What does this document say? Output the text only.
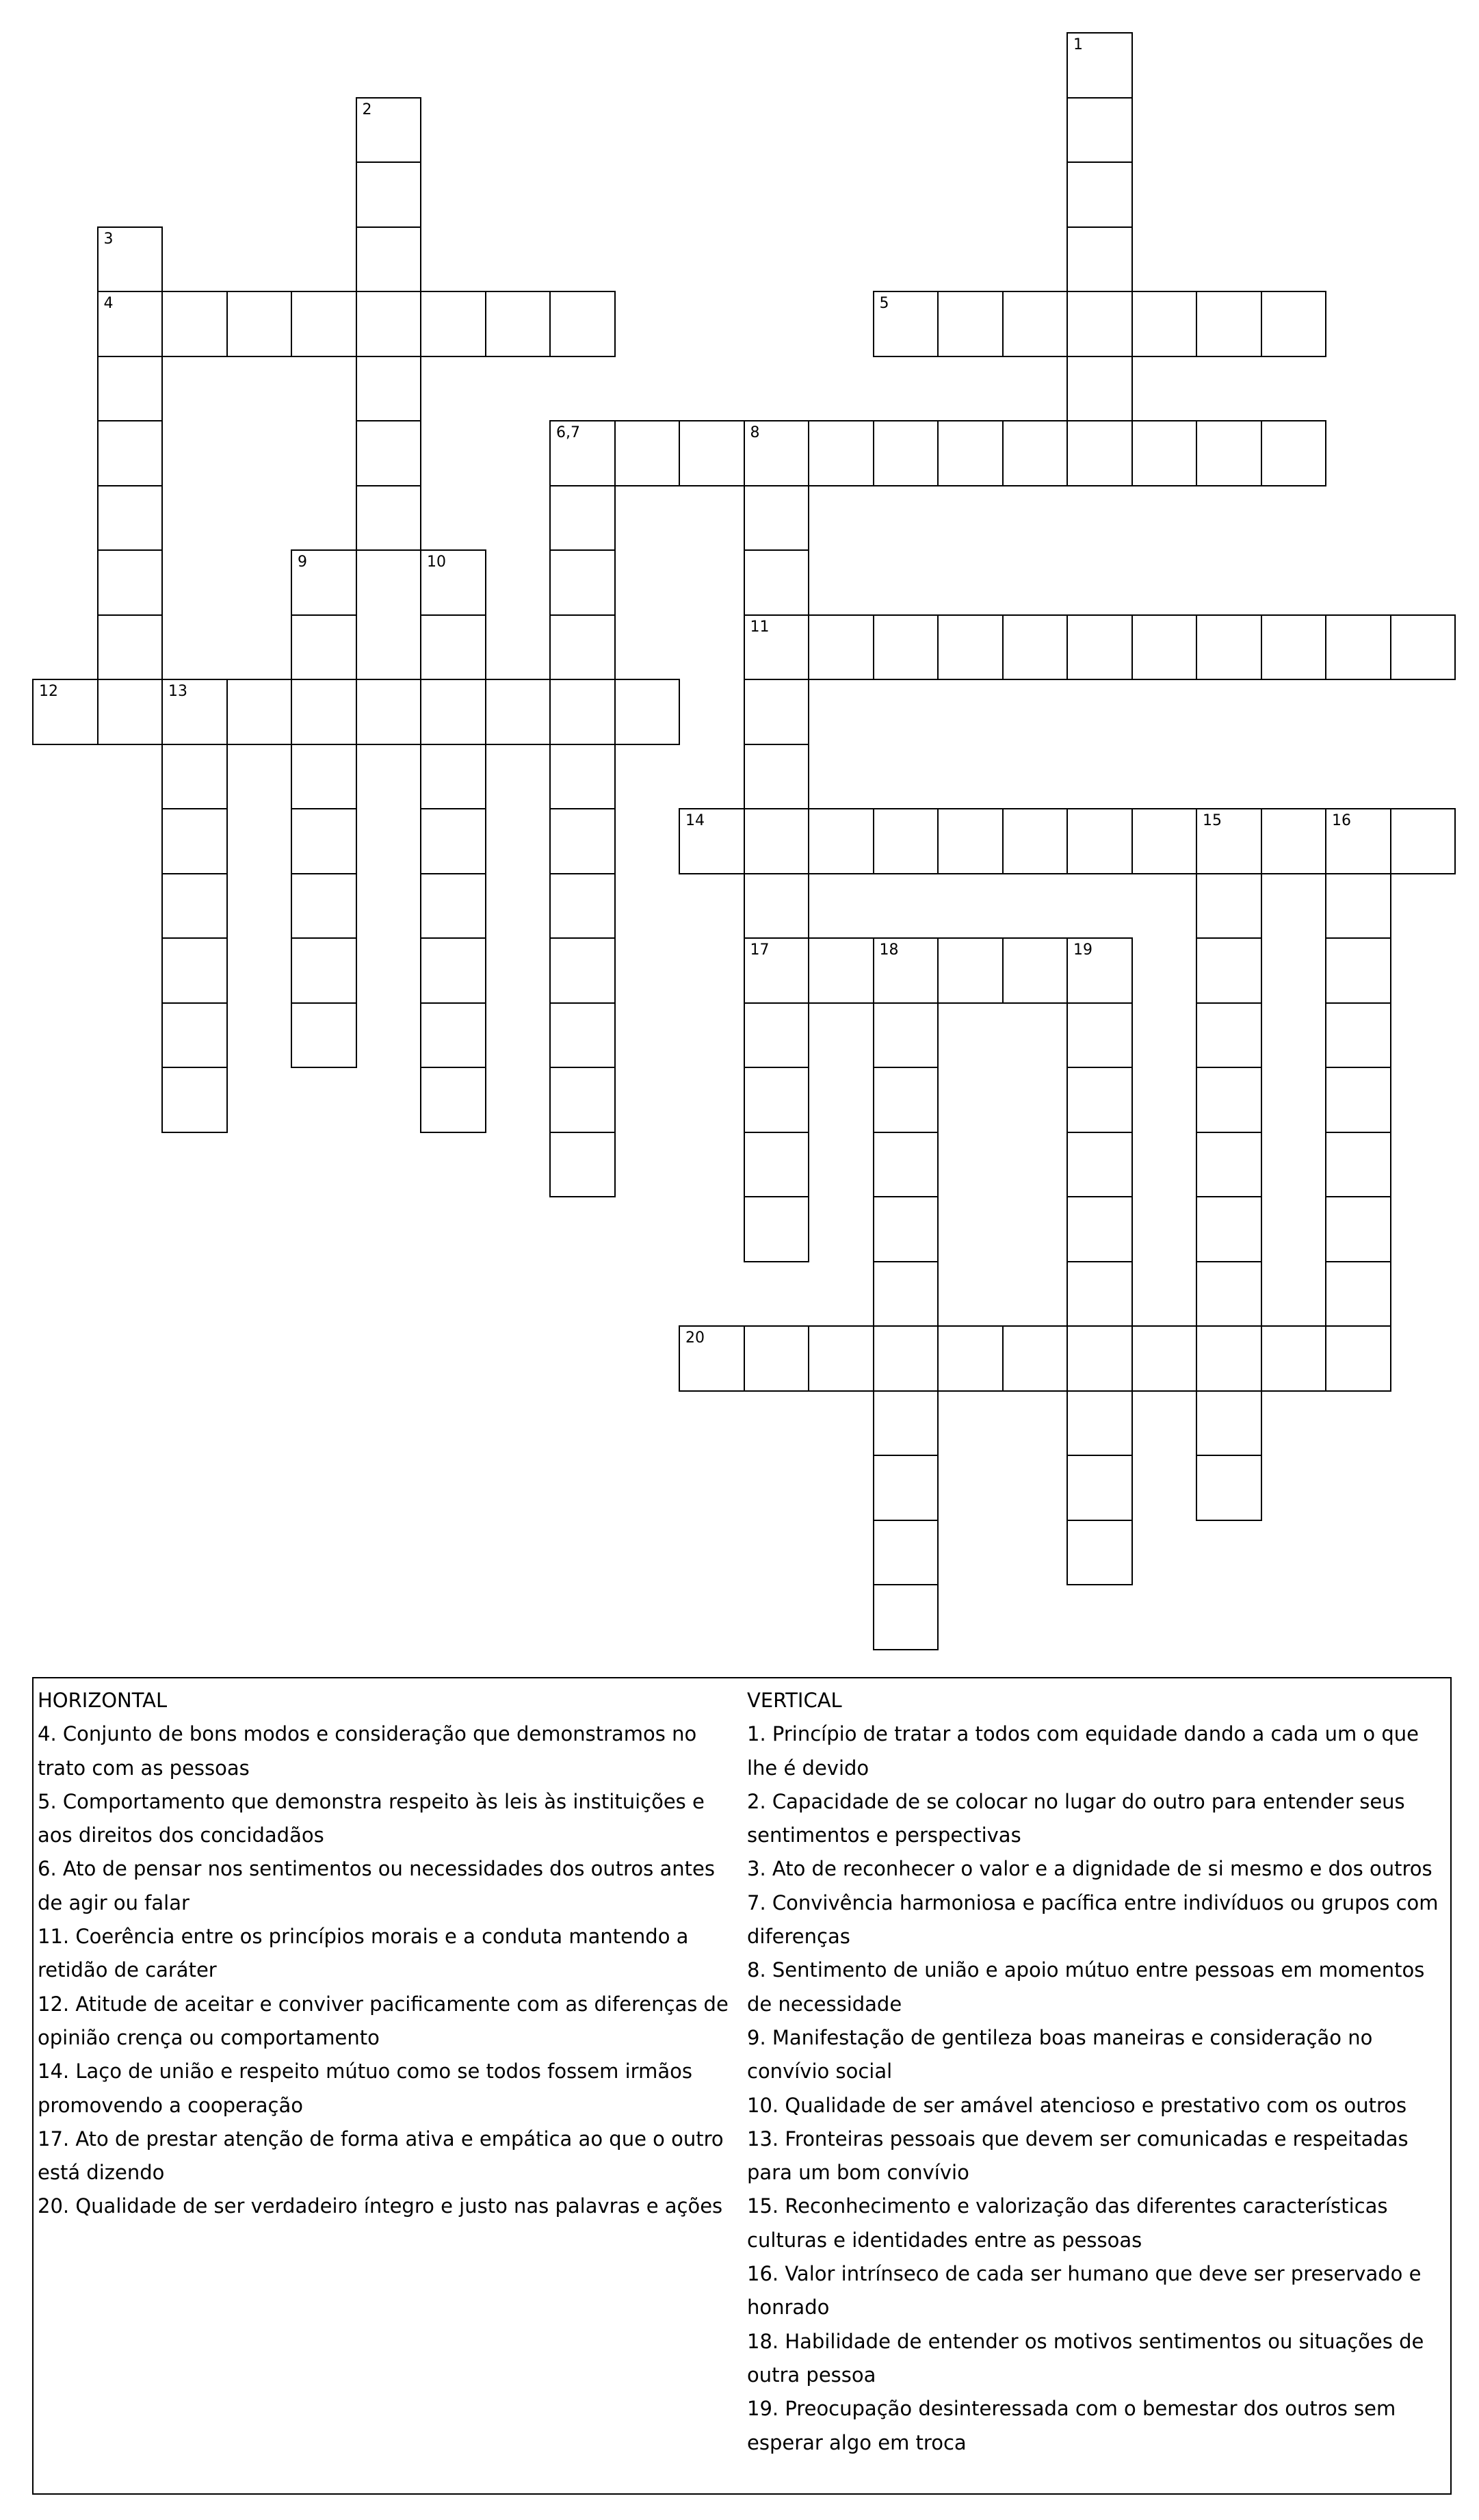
1
2
3
4	5
6,7	8
11
9	10
12	13
14	15	16
17	18	19
20
HORIZONTAL
4. Conjunto de bons modos e consideração que demonstramos no trato com as pessoas
5. Comportamento que demonstra respeito às leis às instituições e aos direitos dos concidadãos
6. Ato de pensar nos sentimentos ou necessidades dos outros antes de agir ou falar
11. Coerência entre os princípios morais e a conduta mantendo a retidão de caráter
12. Atitude de aceitar e conviver pacificamente com as diferenças de opinião crença ou comportamento
14. Laço de união e respeito mútuo como se todos fossem irmãos promovendo a cooperação
17. Ato de prestar atenção de forma ativa e empática ao que o outro está dizendo
20. Qualidade de ser verdadeiro íntegro e justo nas palavras e ações
VERTICAL
1. Princípio de tratar a todos com equidade dando a cada um o que lhe é devido
2. Capacidade de se colocar no lugar do outro para entender seus sentimentos e perspectivas
3. Ato de reconhecer o valor e a dignidade de si mesmo e dos outros
7. Convivência harmoniosa e pacífica entre indivíduos ou grupos com diferenças
8. Sentimento de união e apoio mútuo entre pessoas em momentos de necessidade
9. Manifestação de gentileza boas maneiras e consideração no convívio social
10. Qualidade de ser amável atencioso e prestativo com os outros
13. Fronteiras pessoais que devem ser comunicadas e respeitadas para um bom convívio
15. Reconhecimento e valorização das diferentes características culturas e identidades entre as pessoas
16. Valor intrínseco de cada ser humano que deve ser preservado e honrado
18. Habilidade de entender os motivos sentimentos ou situações de outra pessoa
19. Preocupação desinteressada com o bemestar dos outros sem esperar algo em troca
